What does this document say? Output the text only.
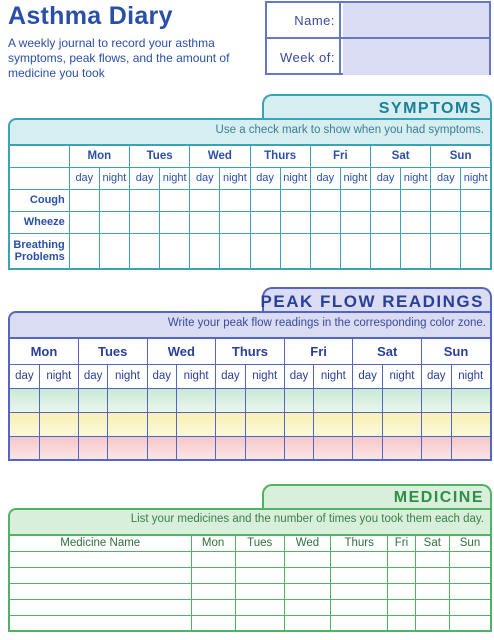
Asthma Diary
A weekly journal to record your asthma symptoms, peak flows, and the amount of medicine you took
Name:
Week of:
SYMPTOMS
Use a check mark to show when you had symptoms.
	Mon		Tues		Wed		Thurs		Fri		Sat		Sun	
	day	night	day	night	day	night	day	night	day	night	day	night	day	night
Cough														
Wheeze														
Breathing Problems														
PEAK FLOW READINGS
Write your peak flow readings in the corresponding color zone.
Mon		Tues		Wed		Thurs		Fri		Sat		Sun	
day	night	day	night	day	night	day	night	day	night	day	night	day	night

MEDICINE
List your medicines and the number of times you took them each day.
Medicine Name	Mon	Tues	Wed	Thurs	Fri	Sat	Sun
